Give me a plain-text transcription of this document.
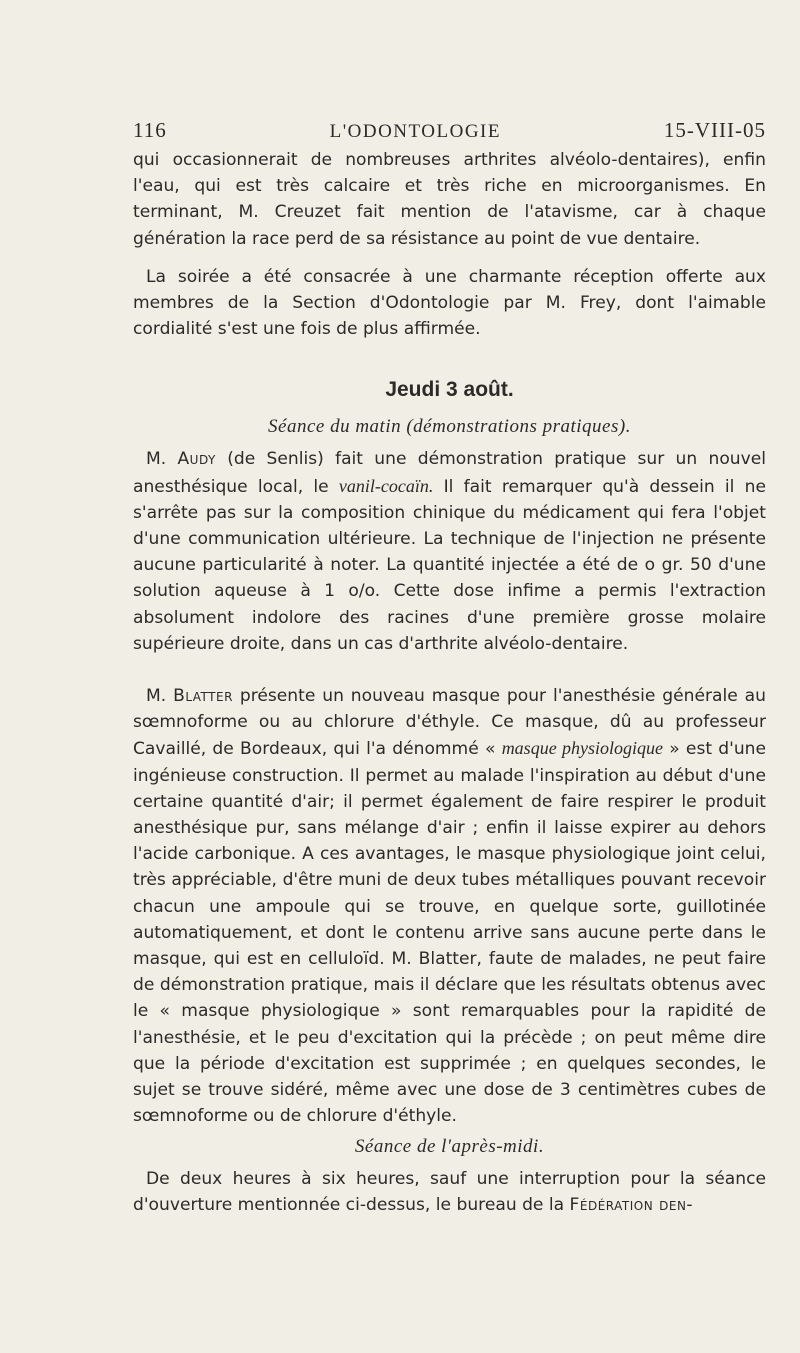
116	L'ODONTOLOGIE	15-VIII-05

qui occasionnerait de nombreuses arthrites alvéolo-dentaires), enfin l'eau, qui est très calcaire et très riche en microorganismes. En terminant, M. Creuzet fait mention de l'atavisme, car à chaque génération la race perd de sa résistance au point de vue dentaire.

La soirée a été consacrée à une charmante réception offerte aux membres de la Section d'Odontologie par M. Frey, dont l'aimable cordialité s'est une fois de plus affirmée.

Jeudi 3 août.
Séance du matin (démonstrations pratiques).

M. Audy (de Senlis) fait une démonstration pratique sur un nouvel anesthésique local, le vanil-cocaïn. Il fait remarquer qu'à dessein il ne s'arrête pas sur la composition chinique du médicament qui fera l'objet d'une communication ultérieure. La technique de l'injection ne présente aucune particularité à noter. La quantité injectée a été de o gr. 50 d'une solution aqueuse à 1 o/o. Cette dose infime a permis l'extraction absolument indolore des racines d'une première grosse molaire supérieure droite, dans un cas d'arthrite alvéolo-dentaire.

M. Blatter présente un nouveau masque pour l'anesthésie générale au sœmnoforme ou au chlorure d'éthyle. Ce masque, dû au professeur Cavaillé, de Bordeaux, qui l'a dénommé « masque physiologique » est d'une ingénieuse construction. Il permet au malade l'inspiration au début d'une certaine quantité d'air; il permet également de faire respirer le produit anesthésique pur, sans mélange d'air ; enfin il laisse expirer au dehors l'acide carbonique. A ces avantages, le masque physiologique joint celui, très appréciable, d'être muni de deux tubes métalliques pouvant recevoir chacun une ampoule qui se trouve, en quelque sorte, guillotinée automatiquement, et dont le contenu arrive sans aucune perte dans le masque, qui est en celluloïd. M. Blatter, faute de malades, ne peut faire de démonstration pratique, mais il déclare que les résultats obtenus avec le « masque physiologique » sont remarquables pour la rapidité de l'anesthésie, et le peu d'excitation qui la précède ; on peut même dire que la période d'excitation est supprimée ; en quelques secondes, le sujet se trouve sidéré, même avec une dose de 3 centimètres cubes de sœmnoforme ou de chlorure d'éthyle.

Séance de l'après-midi.

De deux heures à six heures, sauf une interruption pour la séance d'ouverture mentionnée ci-dessus, le bureau de la Fédération den-
